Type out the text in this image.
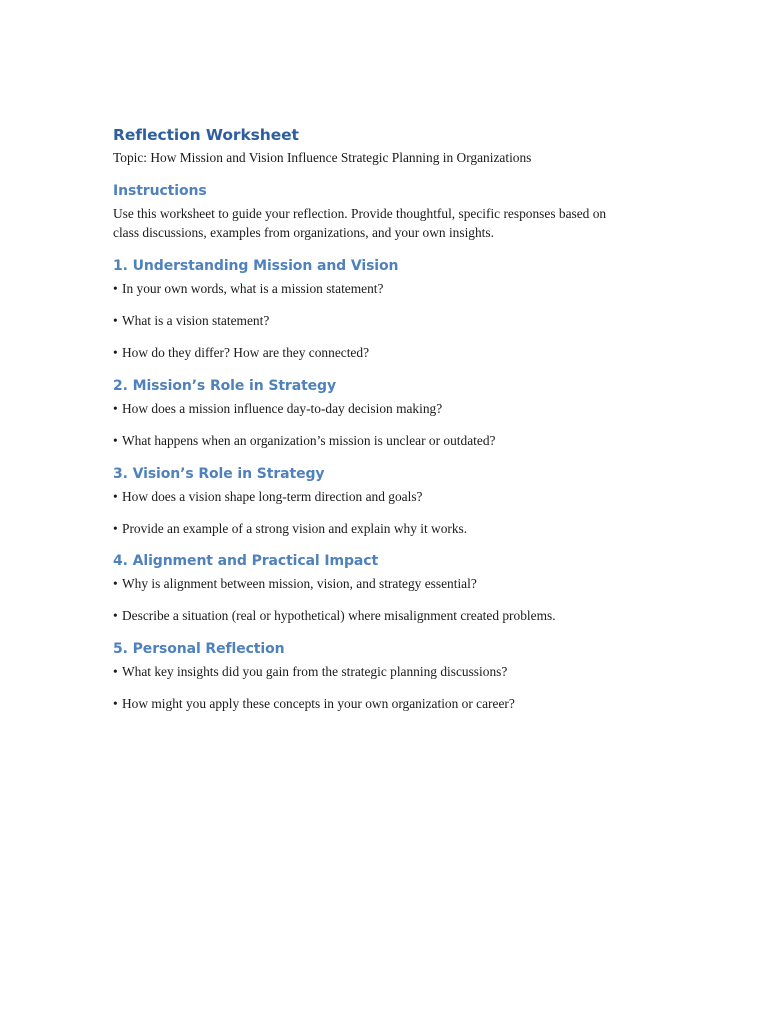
Reflection Worksheet

Topic: How Mission and Vision Influence Strategic Planning in Organizations

Instructions

Use this worksheet to guide your reflection. Provide thoughtful, specific responses based on

class discussions, examples from organizations, and your own insights.

1. Understanding Mission and Vision

• In your own words, what is a mission statement?

• What is a vision statement?

• How do they differ? How are they connected?

2. Mission’s Role in Strategy

• How does a mission influence day-to-day decision making?

• What happens when an organization’s mission is unclear or outdated?

3. Vision’s Role in Strategy

• How does a vision shape long-term direction and goals?

• Provide an example of a strong vision and explain why it works.

4. Alignment and Practical Impact

• Why is alignment between mission, vision, and strategy essential?

• Describe a situation (real or hypothetical) where misalignment created problems.

5. Personal Reflection

• What key insights did you gain from the strategic planning discussions?

• How might you apply these concepts in your own organization or career?
